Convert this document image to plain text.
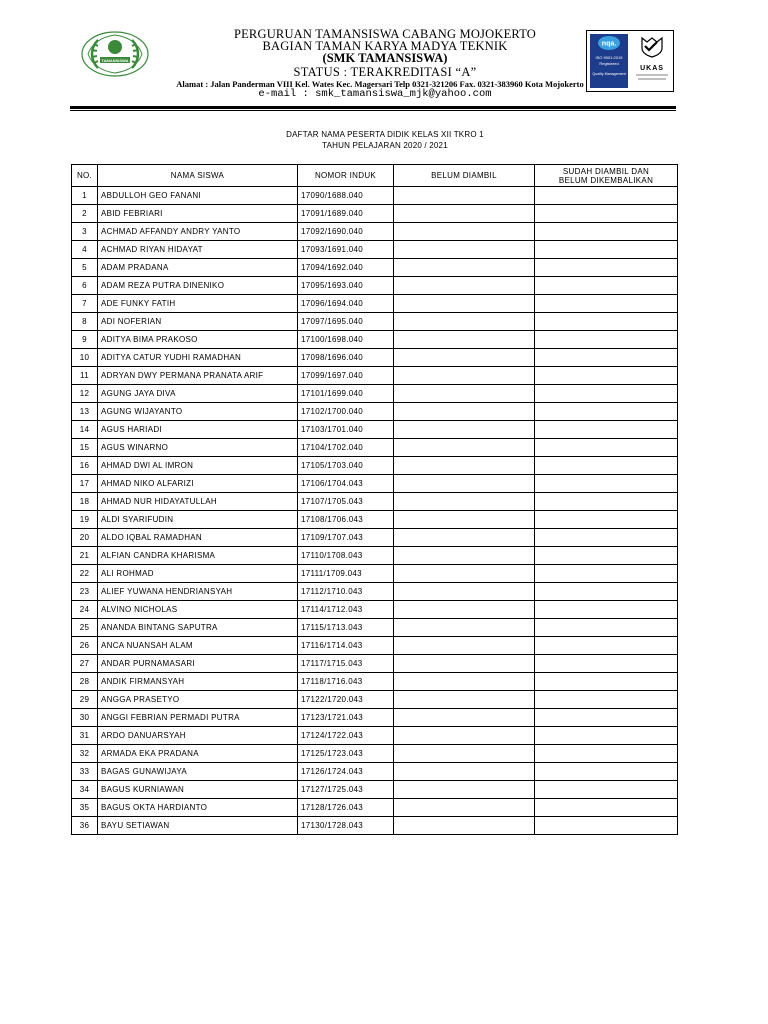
TAMANSISWA
PERGURUAN TAMANSISWA CABANG MOJOKERTO
BAGIAN TAMAN KARYA MADYA TEKNIK
(SMK TAMANSISWA)
STATUS : TERAKREDITASI “A”
Alamat : Jalan Panderman VIII Kel. Wates Kec. Magersari Telp 0321-321206 Fax. 0321-383960 Kota Mojokerto
e-mail : smk_tamansiswa_mjk@yahoo.com
nqa.
ISO 9001:2015
Registered
Quality Management
UKAS
DAFTAR NAMA PESERTA DIDIK KELAS XII TKRO 1
TAHUN PELAJARAN 2020 / 2021
NO.	NAMA SISWA	NOMOR INDUK	BELUM DIAMBIL	SUDAH DIAMBIL DAN
BELUM DIKEMBALIKAN

1	ABDULLOH GEO FANANI	17090/1688.040		
2	ABID FEBRIARI	17091/1689.040		
3	ACHMAD AFFANDY ANDRY YANTO	17092/1690.040		
4	ACHMAD RIYAN HIDAYAT	17093/1691.040		
5	ADAM PRADANA	17094/1692.040		
6	ADAM REZA PUTRA DINENIKO	17095/1693.040		
7	ADE FUNKY FATIH	17096/1694.040		
8	ADI NOFERIAN	17097/1695.040		
9	ADITYA BIMA PRAKOSO	17100/1698.040		
10	ADITYA CATUR YUDHI RAMADHAN	17098/1696.040		
11	ADRYAN DWY PERMANA PRANATA ARIF	17099/1697.040		
12	AGUNG JAYA DIVA	17101/1699.040		
13	AGUNG WIJAYANTO	17102/1700.040		
14	AGUS HARIADI	17103/1701.040		
15	AGUS WINARNO	17104/1702.040		
16	AHMAD DWI AL IMRON	17105/1703.040		
17	AHMAD NIKO ALFARIZI	17106/1704.043		
18	AHMAD NUR HIDAYATULLAH	17107/1705.043		
19	ALDI SYARIFUDIN	17108/1706.043		
20	ALDO IQBAL RAMADHAN	17109/1707.043		
21	ALFIAN CANDRA KHARISMA	17110/1708.043		
22	ALI ROHMAD	17111/1709.043		
23	ALIEF YUWANA HENDRIANSYAH	17112/1710.043		
24	ALVINO NICHOLAS	17114/1712.043		
25	ANANDA BINTANG SAPUTRA	17115/1713.043		
26	ANCA NUANSAH ALAM	17116/1714.043		
27	ANDAR PURNAMASARI	17117/1715.043		
28	ANDIK FIRMANSYAH	17118/1716.043		
29	ANGGA PRASETYO	17122/1720.043		
30	ANGGI FEBRIAN PERMADI PUTRA	17123/1721.043		
31	ARDO DANUARSYAH	17124/1722.043		
32	ARMADA EKA PRADANA	17125/1723.043		
33	BAGAS GUNAWIJAYA	17126/1724.043		
34	BAGUS KURNIAWAN	17127/1725.043		
35	BAGUS OKTA HARDIANTO	17128/1726.043		
36	BAYU SETIAWAN	17130/1728.043		
